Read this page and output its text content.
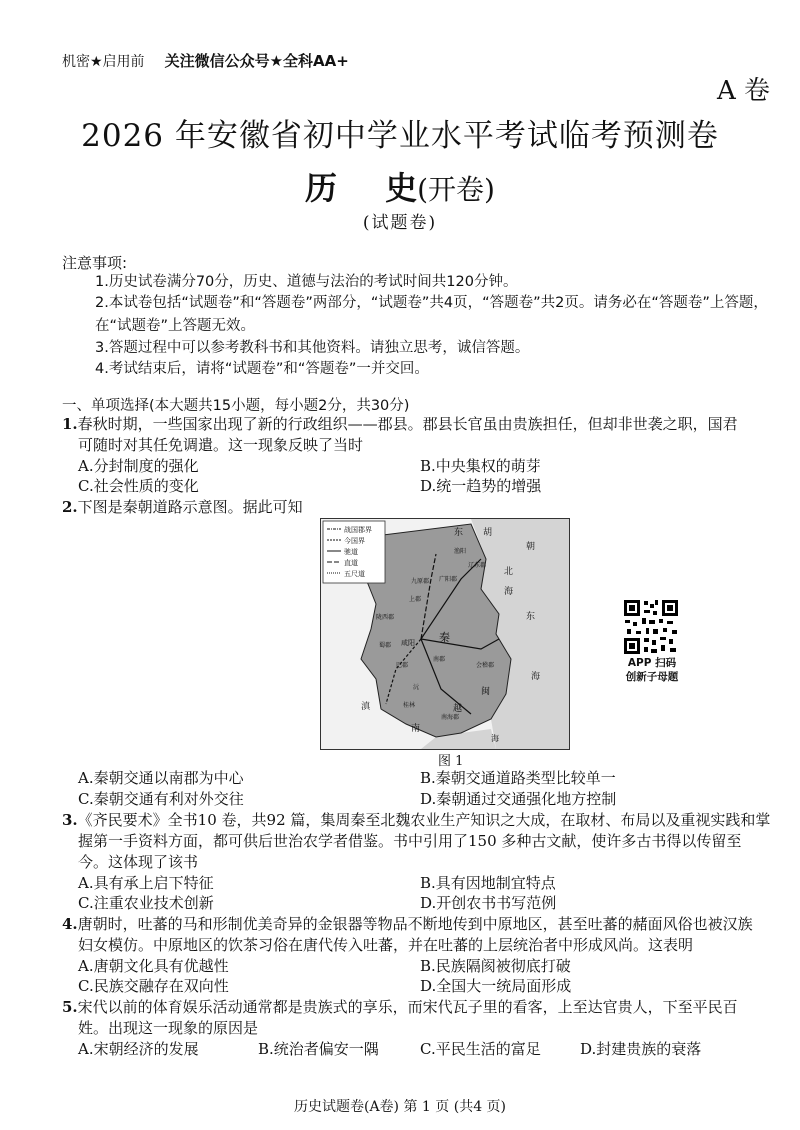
机密★启用前 关注微信公众号★全科AA+
A 卷
2026 年安徽省初中学业水平考试临考预测卷
历 史(开卷)
(试题卷)
注意事项:
1.历史试卷满分70分，历史、道德与法治的考试时间共120分钟。
2.本试卷包括“试题卷”和“答题卷”两部分，“试题卷”共4页，“答题卷”共2页。请务必在“答题卷”上答题，在“试题卷”上答题无效。
3.答题过程中可以参考教科书和其他资料。请独立思考，诚信答题。
4.考试结束后，请将“试题卷”和“答题卷”一并交回。
一、单项选择(本大题共15小题，每小题2分，共30分)
1.春秋时期，一些国家出现了新的行政组织——郡县。郡县长官虽由贵族担任，但却非世袭之职，国君
可随时对其任免调遣。这一现象反映了当时
A.分封制度的强化	B.中央集权的萌芽
C.社会性质的变化	D.统一趋势的增强
2.下图是秦朝道路示意图。据此可知
战国郡界
今国界
驰道
直道
五尺道
东 胡
朝
辽东郡
渔阳
北
海
广阳郡
上郡
九原郡
陇西郡
咸阳 秦
南郡
蜀郡
巴郡	会稽郡
东
海
闽
越
南
海
桂林
南海郡
滇
沅
图 1
APP 扫码
创新子母题
A.秦朝交通以南郡为中心	B.秦朝交通道路类型比较单一
C.秦朝交通有利对外交往	D.秦朝通过交通强化地方控制
3.《齐民要术》全书10 卷，共92 篇，集周秦至北魏农业生产知识之大成，在取材、布局以及重视实践和掌
握第一手资料方面，都可供后世治农学者借鉴。书中引用了150 多种古文献，使许多古书得以传留至
今。这体现了该书
A.具有承上启下特征	B.具有因地制宜特点
C.注重农业技术创新	D.开创农书书写范例
4.唐朝时，吐蕃的马和形制优美奇异的金银器等物品不断地传到中原地区，甚至吐蕃的赭面风俗也被汉族
妇女模仿。中原地区的饮茶习俗在唐代传入吐蕃，并在吐蕃的上层统治者中形成风尚。这表明
A.唐朝文化具有优越性	B.民族隔阂被彻底打破
C.民族交融存在双向性	D.全国大一统局面形成
5.宋代以前的体育娱乐活动通常都是贵族式的享乐，而宋代瓦子里的看客，上至达官贵人，下至平民百
姓。出现这一现象的原因是
A.宋朝经济的发展	B.统治者偏安一隅	C.平民生活的富足	D.封建贵族的衰落
历史试题卷(A卷) 第 1 页 (共4 页)
